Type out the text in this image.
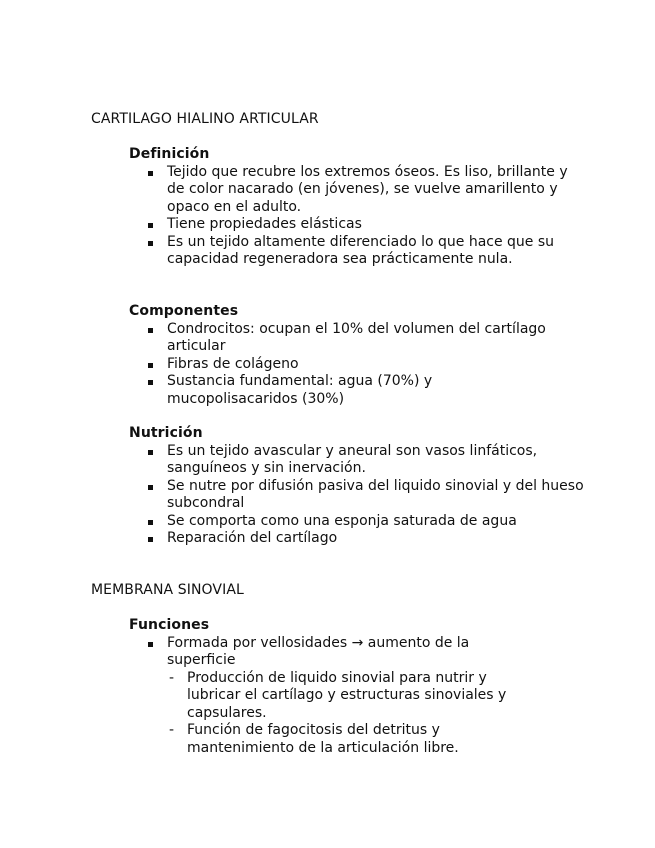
CARTILAGO HIALINO ARTICULAR
Definición
Tejido que recubre los extremos óseos. Es liso, brillante y de color nacarado (en jóvenes), se vuelve amarillento y opaco en el adulto.
Tiene propiedades elásticas
Es un tejido altamente diferenciado lo que hace que su capacidad regeneradora sea prácticamente nula.
Componentes
Condrocitos: ocupan el 10% del volumen del cartílago articular
Fibras de colágeno
Sustancia fundamental: agua (70%) y mucopolisacaridos (30%)
Nutrición
Es un tejido avascular y aneural son vasos linfáticos, sanguíneos y sin inervación.
Se nutre por difusión pasiva del liquido sinovial y del hueso subcondral
Se comporta como una esponja saturada de agua
Reparación del cartílago
MEMBRANA SINOVIAL
Funciones
Formada por vellosidades → aumento de la superficie
- Producción de liquido sinovial para nutrir y lubricar el cartílago y estructuras sinoviales y capsulares.
- Función de fagocitosis del detritus y mantenimiento de la articulación libre.
